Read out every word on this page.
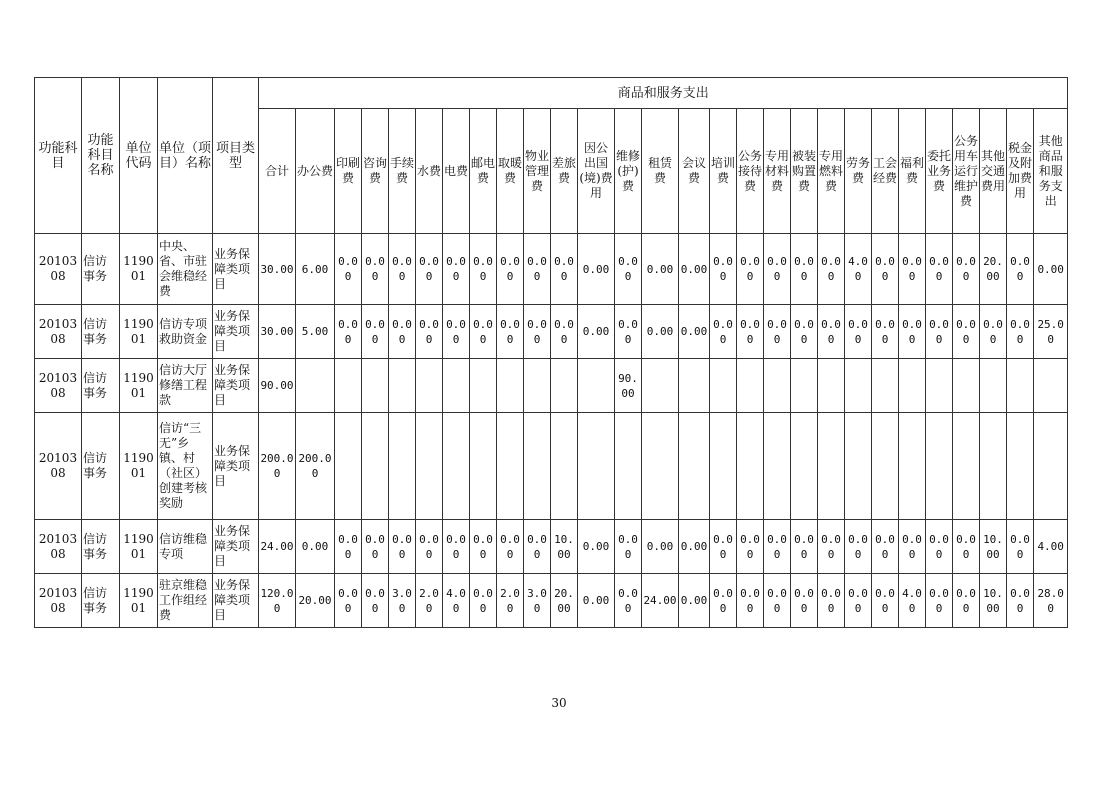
功能科目	功能科目名称	单位代码	单位（项目）名称	项目类型	商品和服务支出																											
					合计	办公费	印刷费	咨询费	手续费	水费	电费	邮电费	取暖费	物业管理费	差旅费	因公出国(境)费用	维修(护)费	租赁费	会议费	培训费	公务接待费	专用材料费	被装购置费	专用燃料费	劳务费	工会经费	福利费	委托业务费	公务用车运行维护费	其他交通费用	税金及附加费用	其他商品和服务支出
2010308	信访事务	119001	中央、省、市驻会维稳经费	业务保障类项目	30.00	6.00	0.00	0.00	0.00	0.00	0.00	0.00	0.00	0.00	0.00	0.00	0.00	0.00	0.00	0.00	0.00	0.00	0.00	0.00	4.00	0.00	0.00	0.00	0.00	20.00	0.00	0.00
2010308	信访事务	119001	信访专项救助资金	业务保障类项目	30.00	5.00	0.00	0.00	0.00	0.00	0.00	0.00	0.00	0.00	0.00	0.00	0.00	0.00	0.00	0.00	0.00	0.00	0.00	0.00	0.00	0.00	0.00	0.00	0.00	0.00	0.00	25.00
2010308	信访事务	119001	信访大厅修缮工程款	业务保障类项目	90.00												90.00															
2010308	信访事务	119001	信访“三无”乡镇、村（社区）创建考核奖励	业务保障类项目	200.00	200.00																										
2010308	信访事务	119001	信访维稳专项	业务保障类项目	24.00	0.00	0.00	0.00	0.00	0.00	0.00	0.00	0.00	0.00	10.00	0.00	0.00	0.00	0.00	0.00	0.00	0.00	0.00	0.00	0.00	0.00	0.00	0.00	0.00	10.00	0.00	4.00
2010308	信访事务	119001	驻京维稳工作组经费	业务保障类项目	120.00	20.00	0.00	0.00	3.00	2.00	4.00	0.00	2.00	3.00	20.00	0.00	0.00	24.00	0.00	0.00	0.00	0.00	0.00	0.00	0.00	0.00	4.00	0.00	0.00	10.00	0.00	28.00
30
